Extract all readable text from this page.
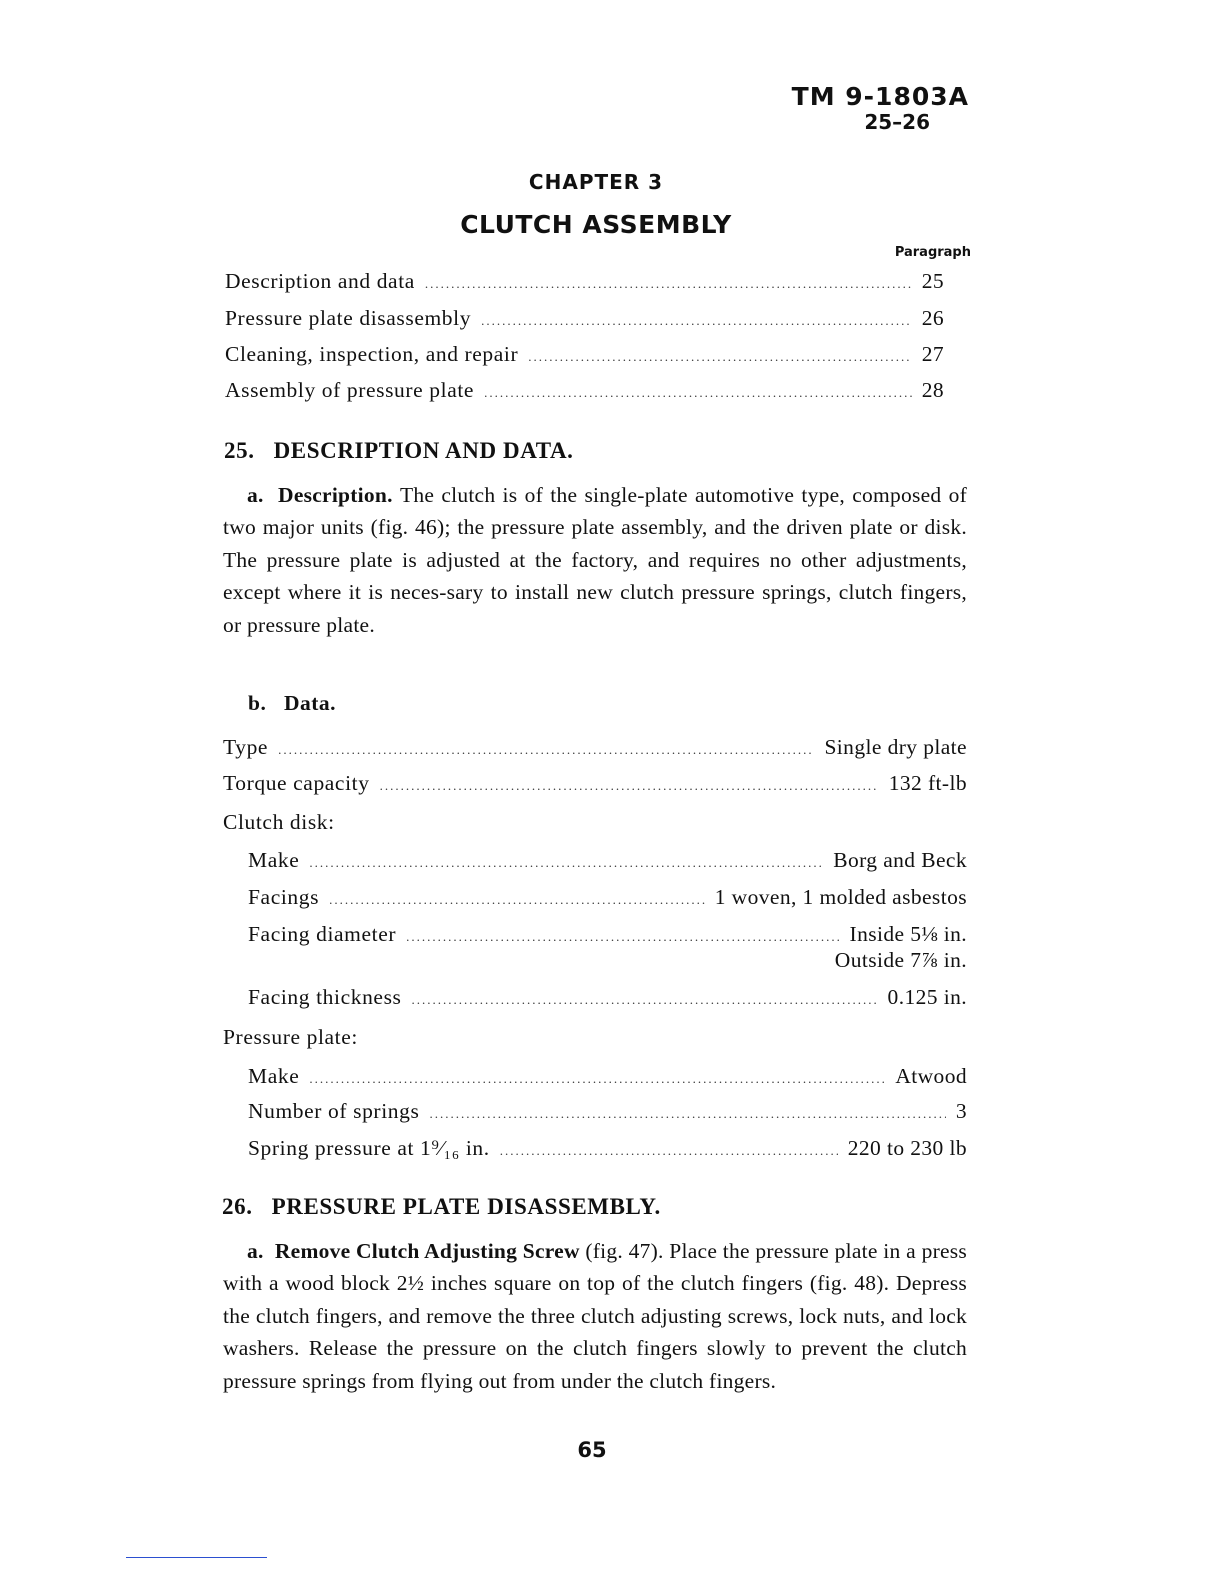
TM 9-1803A
25–26
CHAPTER 3
CLUTCH ASSEMBLY
Paragraph
Description and data .....	25
Pressure plate disassembly .....	26
Cleaning, inspection, and repair .....	27
Assembly of pressure plate .....	28
25.   DESCRIPTION AND DATA.
a. Description. The clutch is of the single-plate automotive type, composed of two major units (fig. 46); the pressure plate assembly, and the driven plate or disk. The pressure plate is adjusted at the factory, and requires no other adjustments, except where it is neces-sary to install new clutch pressure springs, clutch fingers, or pressure plate.
b. Data.
Type .....	Single dry plate
Torque capacity .....	132 ft-lb
Clutch disk:
Make .....	Borg and Beck
Facings .....	1 woven, 1 molded asbestos
Facing diameter .....	Inside 5⅛ in.
Outside 7⅞ in.
Facing thickness .....	0.125 in.
Pressure plate:
Make .....	Atwood
Number of springs .....	3
Spring pressure at 1⁹⁄₁₆ in. .....	220 to 230 lb
26.   PRESSURE PLATE DISASSEMBLY.
a. Remove Clutch Adjusting Screw (fig. 47). Place the pressure plate in a press with a wood block 2½ inches square on top of the clutch fingers (fig. 48). Depress the clutch fingers, and remove the three clutch adjusting screws, lock nuts, and lock washers. Release the pressure on the clutch fingers slowly to prevent the clutch pressure springs from flying out from under the clutch fingers.
65
